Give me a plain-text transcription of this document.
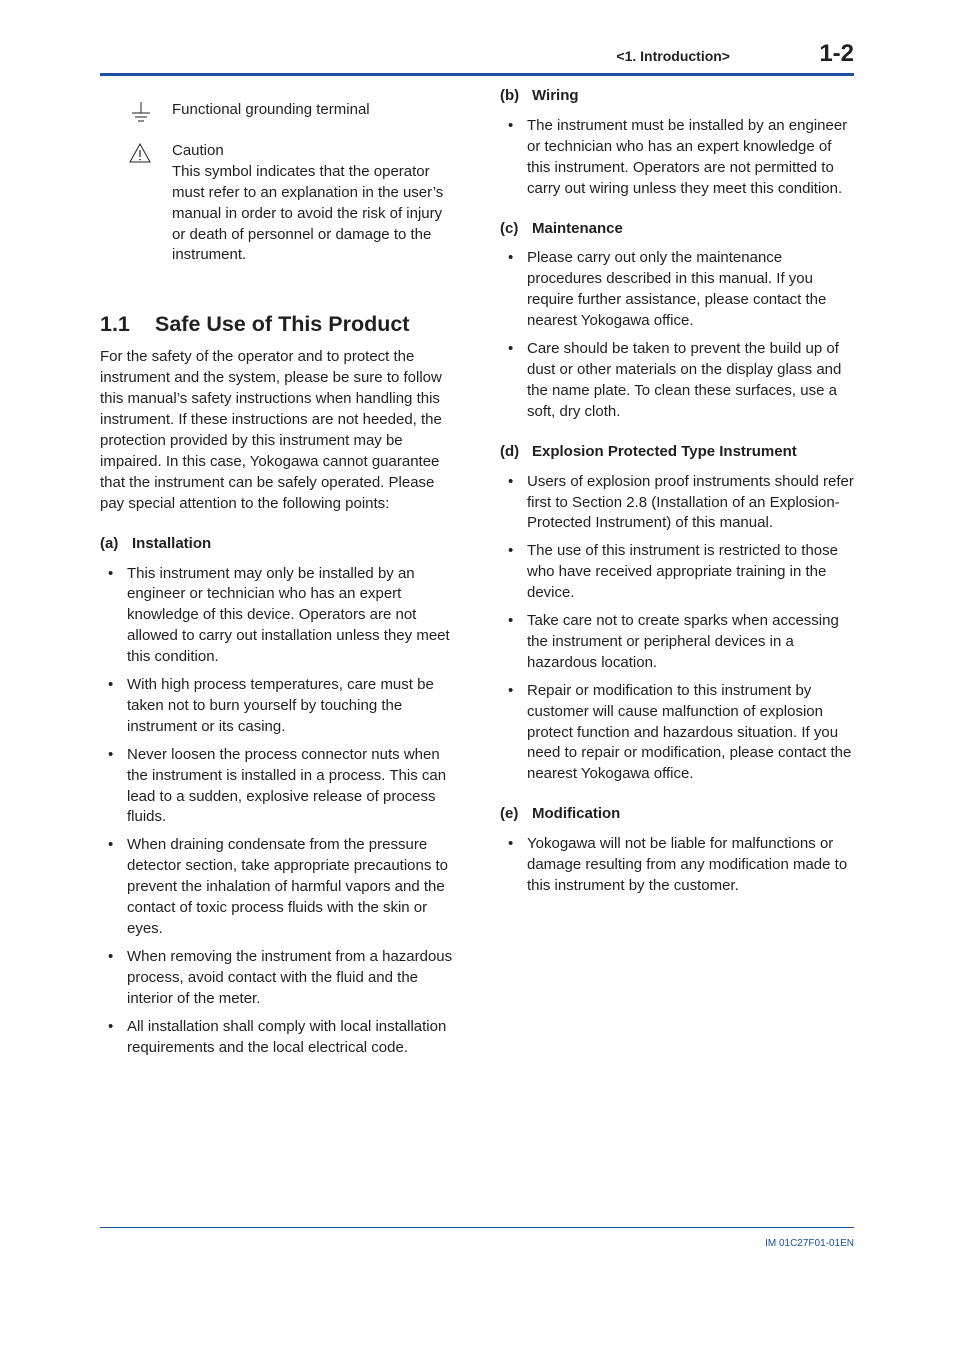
<1. Introduction>	1-2
Functional grounding terminal
Caution
This symbol indicates that the operator must refer to an explanation in the user’s manual in order to avoid the risk of injury or death of personnel or damage to the instrument.
1.1 Safe Use of This Product

For the safety of the operator and to protect the instrument and the system, please be sure to follow this manual’s safety instructions when handling this instrument. If these instructions are not heeded, the protection provided by this instrument may be impaired. In this case, Yokogawa cannot guarantee that the instrument can be safely operated. Please pay special attention to the following points:

(a) Installation
• This instrument may only be installed by an engineer or technician who has an expert knowledge of this device. Operators are not allowed to carry out installation unless they meet this condition.
• With high process temperatures, care must be taken not to burn yourself by touching the instrument or its casing.
• Never loosen the process connector nuts when the instrument is installed in a process. This can lead to a sudden, explosive release of process fluids.
• When draining condensate from the pressure detector section, take appropriate precautions to prevent the inhalation of harmful vapors and the contact of toxic process fluids with the skin or eyes.
• When removing the instrument from a hazardous process, avoid contact with the fluid and the interior of the meter.
• All installation shall comply with local installation requirements and the local electrical code.
(b) Wiring
• The instrument must be installed by an engineer or technician who has an expert knowledge of this instrument. Operators are not permitted to carry out wiring unless they meet this condition.
(c) Maintenance
• Please carry out only the maintenance procedures described in this manual. If you require further assistance, please contact the nearest Yokogawa office.
• Care should be taken to prevent the build up of dust or other materials on the display glass and the name plate. To clean these surfaces, use a soft, dry cloth.
(d) Explosion Protected Type Instrument
• Users of explosion proof instruments should refer first to Section 2.8 (Installation of an Explosion-Protected Instrument) of this manual.
• The use of this instrument is restricted to those who have received appropriate training in the device.
• Take care not to create sparks when accessing the instrument or peripheral devices in a hazardous location.
• Repair or modification to this instrument by customer will cause malfunction of explosion protect function and hazardous situation. If you need to repair or modification, please contact the nearest Yokogawa office.
(e) Modification
• Yokogawa will not be liable for malfunctions or damage resulting from any modification made to this instrument by the customer.
IM 01C27F01-01EN
